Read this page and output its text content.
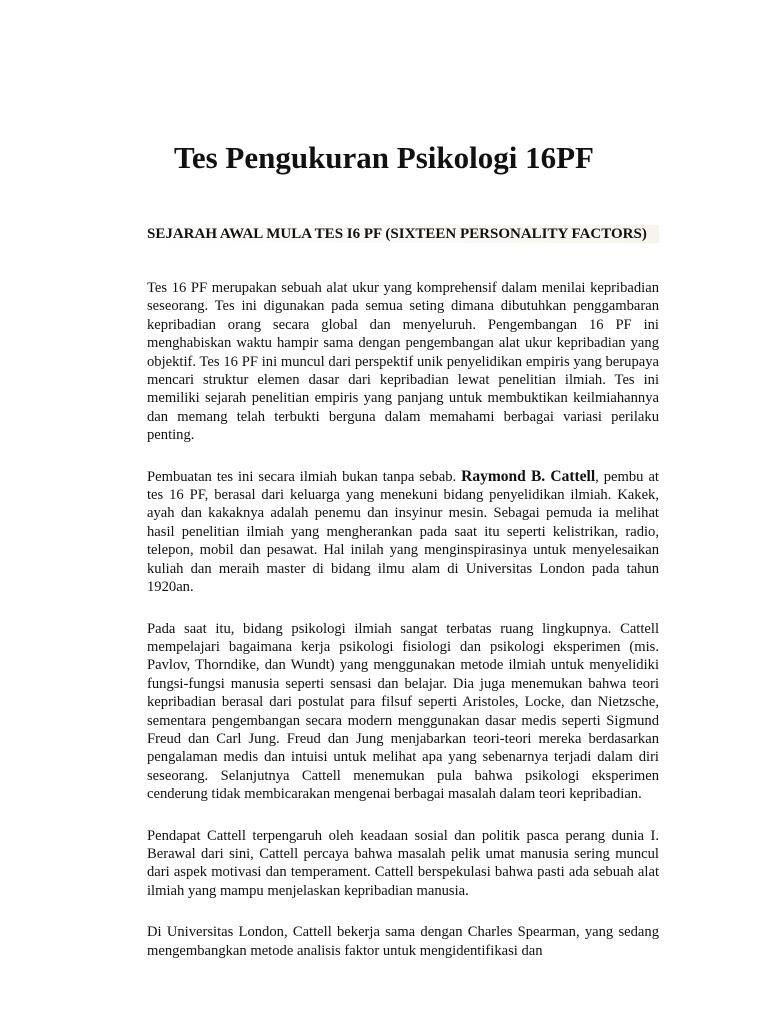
Tes Pengukuran Psikologi 16PF
SEJARAH AWAL MULA TES I6 PF (SIXTEEN PERSONALITY FACTORS)

Tes 16 PF merupakan sebuah alat ukur yang komprehensif dalam menilai kepribadian seseorang. Tes ini digunakan pada semua seting dimana dibutuhkan penggambaran kepribadian orang secara global dan menyeluruh. Pengembangan 16 PF ini menghabiskan waktu hampir sama dengan pengembangan alat ukur kepribadian yang objektif. Tes 16 PF ini muncul dari perspektif unik penyelidikan empiris yang berupaya mencari struktur elemen dasar dari kepribadian lewat penelitian ilmiah. Tes ini memiliki sejarah penelitian empiris yang panjang untuk membuktikan keilmiahannya dan memang telah terbukti berguna dalam memahami berbagai variasi perilaku penting.

Pembuatan tes ini secara ilmiah bukan tanpa sebab. Raymond B. Cattell, pembu at tes 16 PF, berasal dari keluarga yang menekuni bidang penyelidikan ilmiah. Kakek, ayah dan kakaknya adalah penemu dan insyinur mesin. Sebagai pemuda ia melihat hasil penelitian ilmiah yang mengherankan pada saat itu seperti kelistrikan, radio, telepon, mobil dan pesawat. Hal inilah yang menginspirasinya untuk menyelesaikan kuliah dan meraih master di bidang ilmu alam di Universitas London pada tahun 1920an.

Pada saat itu, bidang psikologi ilmiah sangat terbatas ruang lingkupnya. Cattell mempelajari bagaimana kerja psikologi fisiologi dan psikologi eksperimen (mis. Pavlov, Thorndike, dan Wundt) yang menggunakan metode ilmiah untuk menyelidiki fungsi-fungsi manusia seperti sensasi dan belajar. Dia juga menemukan bahwa teori kepribadian berasal dari postulat para filsuf seperti Aristoles, Locke, dan Nietzsche, sementara pengembangan secara modern menggunakan dasar medis seperti Sigmund Freud dan Carl Jung. Freud dan Jung menjabarkan teori-teori mereka berdasarkan pengalaman medis dan intuisi untuk melihat apa yang sebenarnya terjadi dalam diri seseorang. Selanjutnya Cattell menemukan pula bahwa psikologi eksperimen cenderung tidak membicarakan mengenai berbagai masalah dalam teori kepribadian.

Pendapat Cattell terpengaruh oleh keadaan sosial dan politik pasca perang dunia I. Berawal dari sini, Cattell percaya bahwa masalah pelik umat manusia sering muncul dari aspek motivasi dan temperament. Cattell berspekulasi bahwa pasti ada sebuah alat ilmiah yang mampu menjelaskan kepribadian manusia.

Di Universitas London, Cattell bekerja sama dengan Charles Spearman, yang sedang mengembangkan metode analisis faktor untuk mengidentifikasi dan
